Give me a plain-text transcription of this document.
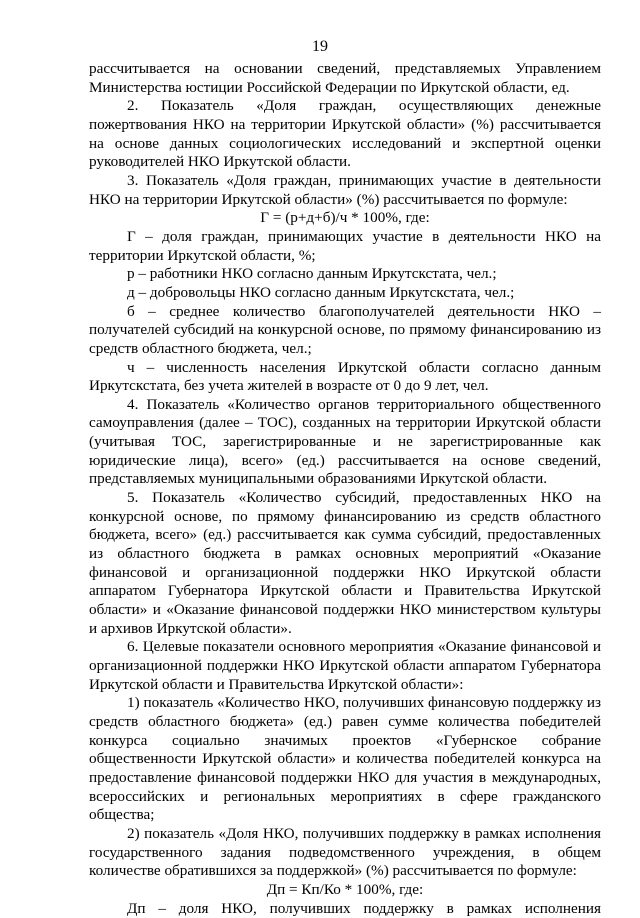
19

рассчитывается на основании сведений, представляемых Управлением Министерства юстиции Российской Федерации по Иркутской области, ед.

2. Показатель «Доля граждан, осуществляющих денежные пожертвования НКО на территории Иркутской области» (%) рассчитывается на основе данных социологических исследований и экспертной оценки руководителей НКО Иркутской области.

3. Показатель «Доля граждан, принимающих участие в деятельности НКО на территории Иркутской области» (%) рассчитывается по формуле:

Г = (р+д+б)/ч * 100%, где:

Г – доля граждан, принимающих участие в деятельности НКО на территории Иркутской области, %;

р – работники НКО согласно данным Иркутскстата, чел.;

д – добровольцы НКО согласно данным Иркутскстата, чел.;

б – среднее количество благополучателей деятельности НКО – получателей субсидий на конкурсной основе, по прямому финансированию из средств областного бюджета, чел.;

ч – численность населения Иркутской области согласно данным Иркутскстата, без учета жителей в возрасте от 0 до 9 лет, чел.

4. Показатель «Количество органов территориального общественного самоуправления (далее – ТОС), созданных на территории Иркутской области (учитывая ТОС, зарегистрированные и не зарегистрированные как юридические лица), всего» (ед.) рассчитывается на основе сведений, представляемых муниципальными образованиями Иркутской области.

5. Показатель «Количество субсидий, предоставленных НКО на конкурсной основе, по прямому финансированию из средств областного бюджета, всего» (ед.) рассчитывается как сумма субсидий, предоставленных из областного бюджета в рамках основных мероприятий «Оказание финансовой и организационной поддержки НКО Иркутской области аппаратом Губернатора Иркутской области и Правительства Иркутской области» и «Оказание финансовой поддержки НКО министерством культуры и архивов Иркутской области».

6. Целевые показатели основного мероприятия «Оказание финансовой и организационной поддержки НКО Иркутской области аппаратом Губернатора Иркутской области и Правительства Иркутской области»:

1) показатель «Количество НКО, получивших финансовую поддержку из средств областного бюджета» (ед.) равен сумме количества победителей конкурса социально значимых проектов «Губернское собрание общественности Иркутской области» и количества победителей конкурса на предоставление финансовой поддержки НКО для участия в международных, всероссийских и региональных мероприятиях в сфере гражданского общества;

2) показатель «Доля НКО, получивших поддержку в рамках исполнения государственного задания подведомственного учреждения, в общем количестве обратившихся за поддержкой» (%) рассчитывается по формуле:

Дп = Кп/Ко * 100%, где:

Дп – доля НКО, получивших поддержку в рамках исполнения
